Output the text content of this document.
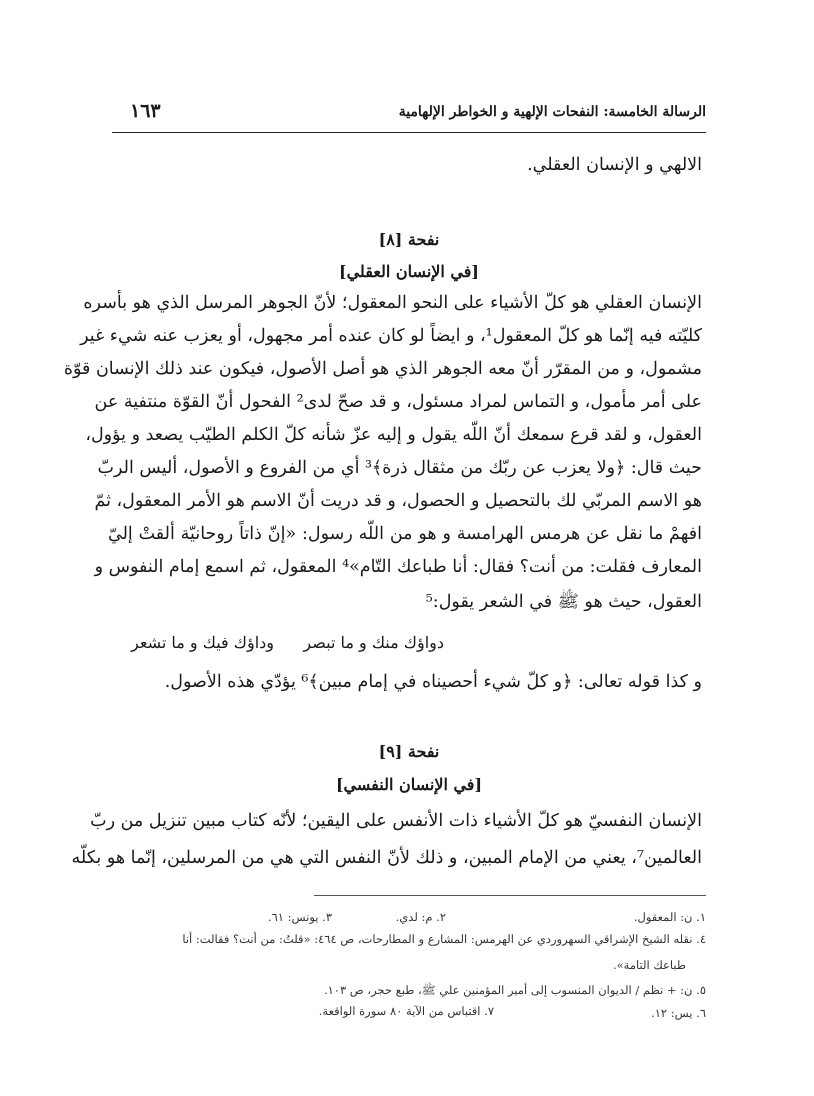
الرسالة الخامسة: النفحات الإلهية و الخواطر الإلهامية
١٦٣
الالهي و الإنسان العقلي.
نفحة [٨]
[في الإنسان العقلي]
الإنسان العقلي هو كلّ الأشياء على النحو المعقول؛ لأنّ الجوهر المرسل الذي هو بأسره
كليّته فيه إنّما هو كلّ المعقول¹، و ايضاً لو كان عنده أمر مجهول، أو يعزب عنه شيء غير
مشمول، و من المقرّر أنّ معه الجوهر الذي هو أصل الأصول، فيكون عند ذلك الإنسان قوّة
على أمر مأمول، و التماس لمراد مسئول، و قد صحّ لدى² الفحول أنّ القوّة منتفية عن
العقول، و لقد قرع سمعك أنّ اللّه يقول و إليه عزّ شأنه كلّ الكلم الطيّب يصعد و يؤول،
حيث قال: ﴿ولا يعزب عن ربّك من مثقال ذرة﴾³ أي من الفروع و الأصول، أليس الربّ
هو الاسم المربّي لك بالتحصيل و الحصول، و قد دريت أنّ الاسم هو الأمر المعقول، ثمّ
افهمْ ما نقل عن هرمس الهرامسة و هو من اللّه رسول: «إنّ ذاتاً روحانيّة ألقتْ إليّ
المعارف فقلت: من أنت؟ فقال: أنا طباعك التّام»⁴ المعقول، ثم اسمع إمام النفوس و
العقول، حيث هو ﷺ في الشعر يقول:⁵
دواؤك منك و ما تبصر
وداؤك فيك و ما تشعر
و كذا قوله تعالى: ﴿و كلّ شيء أحصيناه في إمام مبين﴾⁶ يؤدّي هذه الأصول.
نفحة [٩]
[في الإنسان النفسي]
الإنسان النفسيّ هو كلّ الأشياء ذات الأنفس على اليقين؛ لأنّه كتاب مبين تنزيل من ربّ
العالمين⁷، يعني من الإمام المبين، و ذلك لأنّ النفس التي هي من المرسلين، إنّما هو بكلّه
١. ن: المعقول.
٢. م: لدي.
٣. يونس: ٦١.
٤. نقله الشيخ الإشراقي السهروردي عن الهرمس: المشارع و المطارحات، ص ٤٦٤: «قلتُ: من أنت؟ فقالت: أنا
طباعك التامة».
٥. ن: + نظم / الديوان المنسوب إلى أمير المؤمنين علي ﷺ، طبع حجر، ص ١٠٣.
٦. يس: ١٢.
٧. اقتباس من الآية ٨٠ سورة الواقعة.
